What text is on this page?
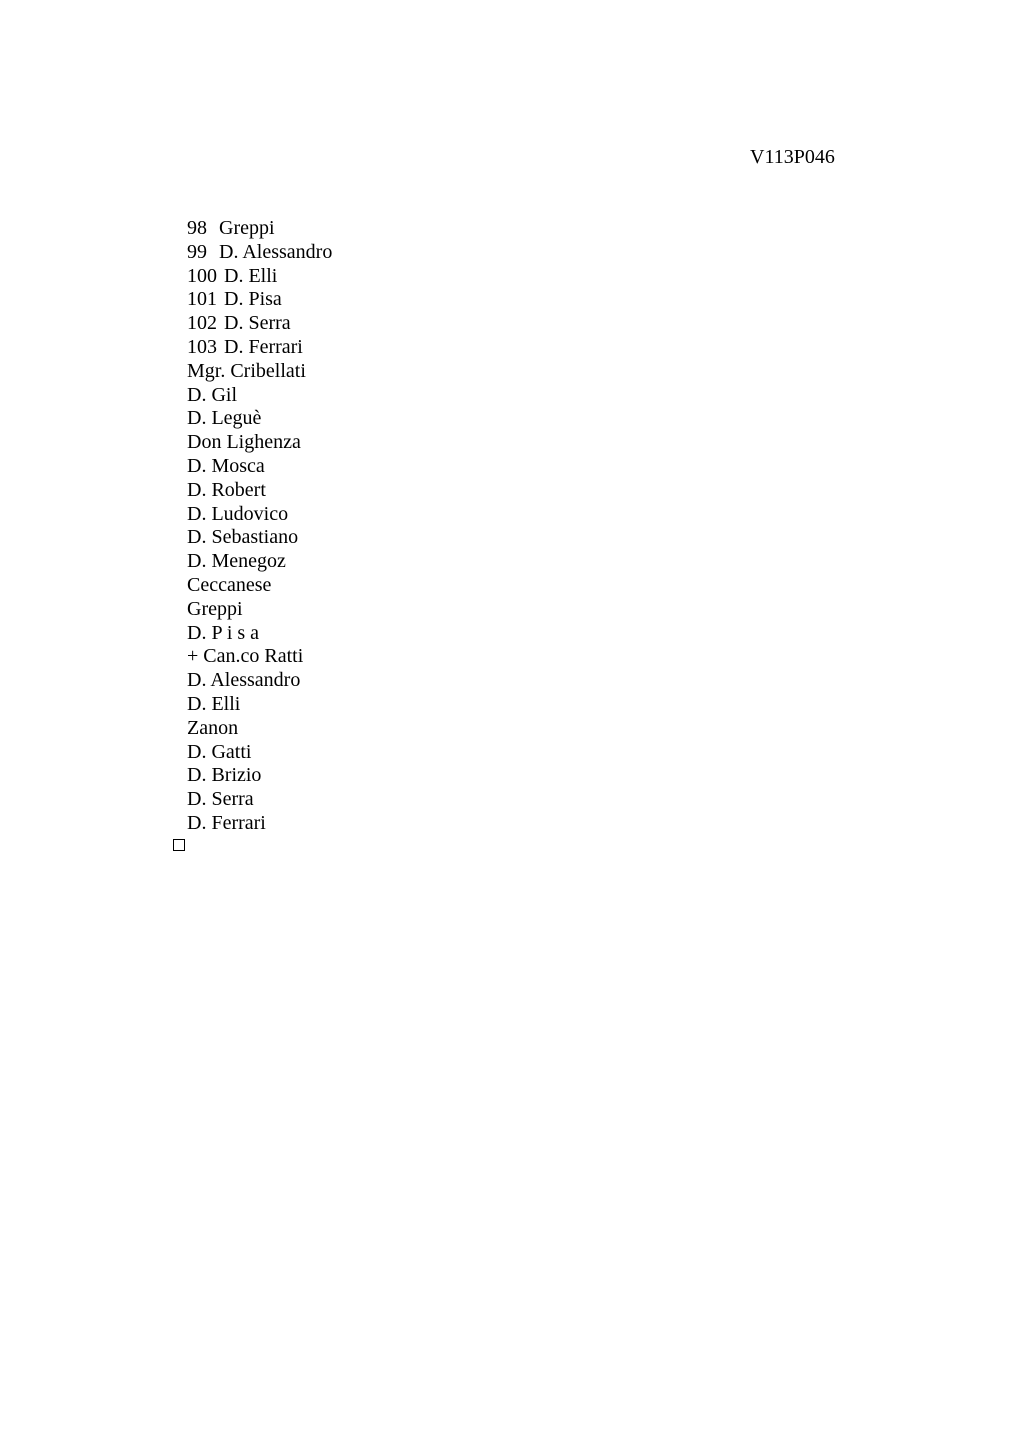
V113P046
98 Greppi
99 D. Alessandro
100 D. Elli
101 D. Pisa
102 D. Serra
103 D. Ferrari
Mgr. Cribellati
D. Gil
D. Leguè
Don Lighenza
D. Mosca
D. Robert
D. Ludovico
D. Sebastiano
D. Menegoz
Ceccanese
Greppi
D. P i s a
+ Can.co Ratti
D. Alessandro
D. Elli
Zanon
D. Gatti
D. Brizio
D. Serra
D. Ferrari
